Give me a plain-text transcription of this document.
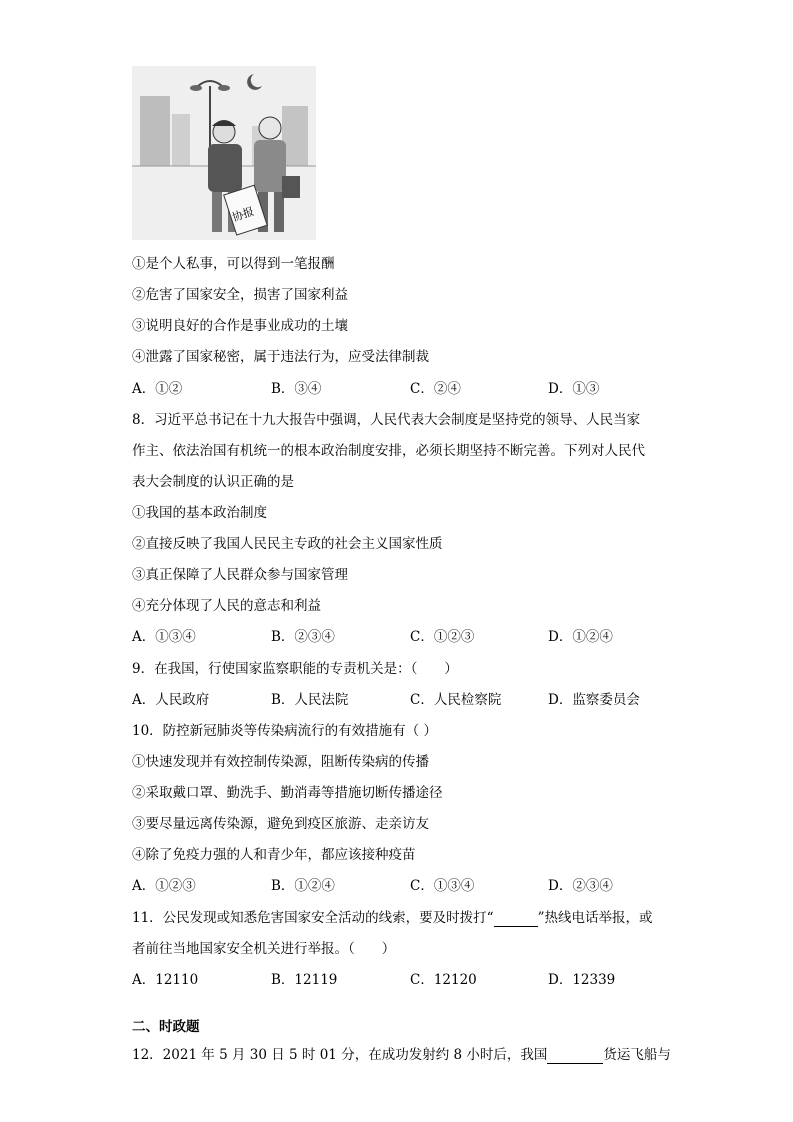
协报
①是个人私事，可以得到一笔报酬
②危害了国家安全，损害了国家利益
③说明良好的合作是事业成功的土壤
④泄露了国家秘密，属于违法行为，应受法律制裁
A．①②	B．③④	C．②④	D．①③
8．习近平总书记在十九大报告中强调，人民代表大会制度是坚持党的领导、人民当家
作主、依法治国有机统一的根本政治制度安排，必须长期坚持不断完善。下列对人民代
表大会制度的认识正确的是
①我国的基本政治制度
②直接反映了我国人民民主专政的社会主义国家性质
③真正保障了人民群众参与国家管理
④充分体现了人民的意志和利益
A．①③④	B．②③④	C．①②③	D．①②④
9．在我国，行使国家监察职能的专责机关是：（　　）
A．人民政府	B．人民法院	C．人民检察院	D．监察委员会
10．防控新冠肺炎等传染病流行的有效措施有（ ）
①快速发现并有效控制传染源，阻断传染病的传播
②采取戴口罩、勤洗手、勤消毒等措施切断传播途径
③要尽量远离传染源，避免到疫区旅游、走亲访友
④除了免疫力强的人和青少年，都应该接种疫苗
A．①②③	B．①②④	C．①③④	D．②③④
11．公民发现或知悉危害国家安全活动的线索，要及时拨打“	”热线电话举报，或
者前往当地国家安全机关进行举报。（　　）
A．12110	B．12119	C．12120	D．12339
二、时政题
12．2021 年 5 月 30 日 5 时 01 分，在成功发射约 8 小时后，我国	货运飞船与
